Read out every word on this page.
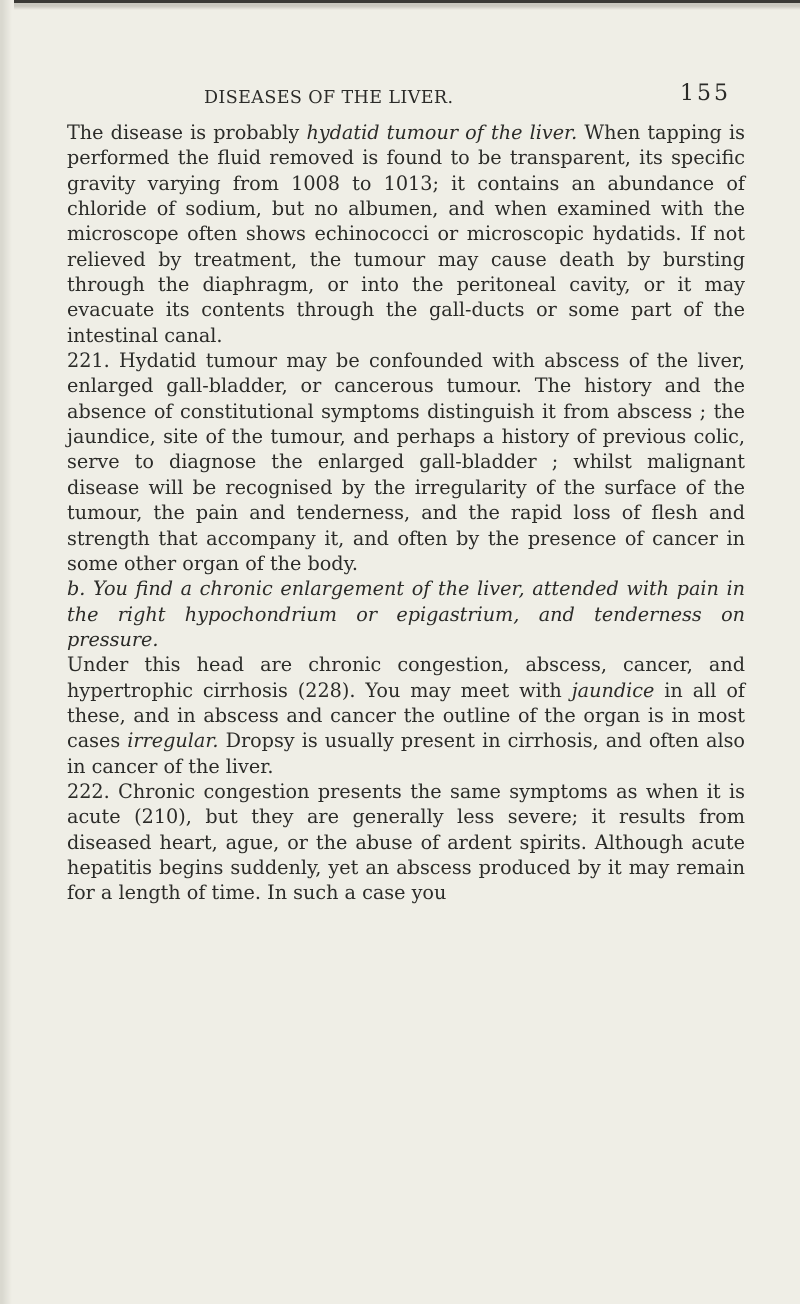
DISEASES OF THE LIVER.	155

The disease is probably hydatid tumour of the liver. When tapping is performed the fluid removed is found to be transparent, its specific gravity varying from 1008 to 1013; it contains an abundance of chloride of sodium, but no albumen, and when examined with the microscope often shows echinococci or microscopic hydatids. If not relieved by treatment, the tumour may cause death by bursting through the diaphragm, or into the peritoneal cavity, or it may evacuate its contents through the gall-ducts or some part of the intestinal canal.

221. Hydatid tumour may be confounded with abscess of the liver, enlarged gall-bladder, or cancerous tumour. The history and the absence of constitutional symptoms distinguish it from abscess ; the jaundice, site of the tumour, and perhaps a history of previous colic, serve to diagnose the enlarged gall-bladder ; whilst malignant disease will be recognised by the irregularity of the surface of the tumour, the pain and tenderness, and the rapid loss of flesh and strength that accompany it, and often by the presence of cancer in some other organ of the body.

b. You find a chronic enlargement of the liver, attended with pain in the right hypochondrium or epigastrium, and tenderness on pressure.

Under this head are chronic congestion, abscess, cancer, and hypertrophic cirrhosis (228). You may meet with jaundice in all of these, and in abscess and cancer the outline of the organ is in most cases irregular. Dropsy is usually present in cirrhosis, and often also in cancer of the liver.

222. Chronic congestion presents the same symptoms as when it is acute (210), but they are generally less severe; it results from diseased heart, ague, or the abuse of ardent spirits. Although acute hepatitis begins suddenly, yet an abscess produced by it may remain for a length of time. In such a case you
